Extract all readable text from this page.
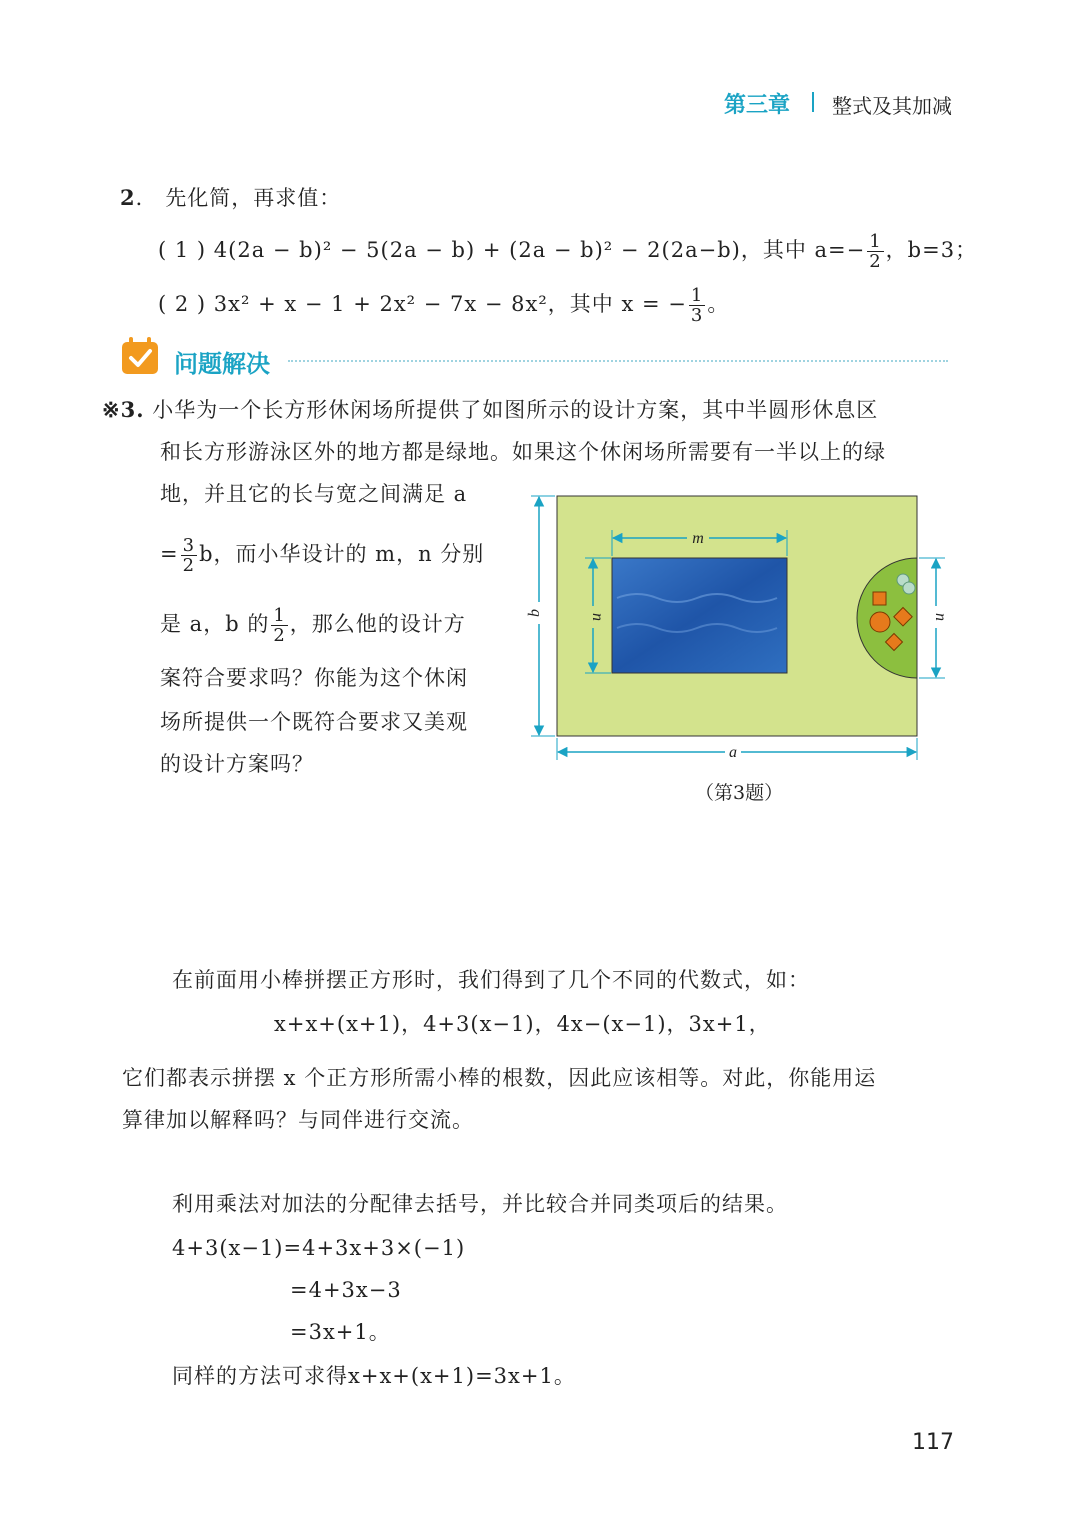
第三章 整式及其加减
2． 先化简，再求值：
( 1 ) 4(2a − b)² − 5(2a − b) + (2a − b)² − 2(2a−b)，其中 $a=- \frac{1}{2}$ ，b=3；
( 2 ) 3x² + x − 1 + 2x² − 7x − 8x²，其中 x = − $\frac{1}{3}$ 。
问题解决
※3. 小华为一个长方形休闲场所提供了如图所示的设计方案，其中半圆形休息区
和长方形游泳区外的地方都是绿地。如果这个休闲场所需要有一半以上的绿
地，并且它的长与宽之间满足 a
= $\frac{3}{2}$ b，而小华设计的 m，n 分别
是 a，b 的 $\frac{1}{2}$ ，那么他的设计方
案符合要求吗？你能为这个休闲
场所提供一个既符合要求又美观
的设计方案吗？
m
n
b	n
a
（第3题）
在前面用小棒拼摆正方形时，我们得到了几个不同的代数式，如：
x+x+(x+1)，4+3(x−1)，4x−(x−1)，3x+1，
它们都表示拼摆 x 个正方形所需小棒的根数，因此应该相等。对此，你能用运
算律加以解释吗？与同伴进行交流。
利用乘法对加法的分配律去括号，并比较合并同类项后的结果。
4+3(x−1)=4+3x+3×(−1)
=4+3x−3
=3x+1。
同样的方法可求得x+x+(x+1)=3x+1。
117
